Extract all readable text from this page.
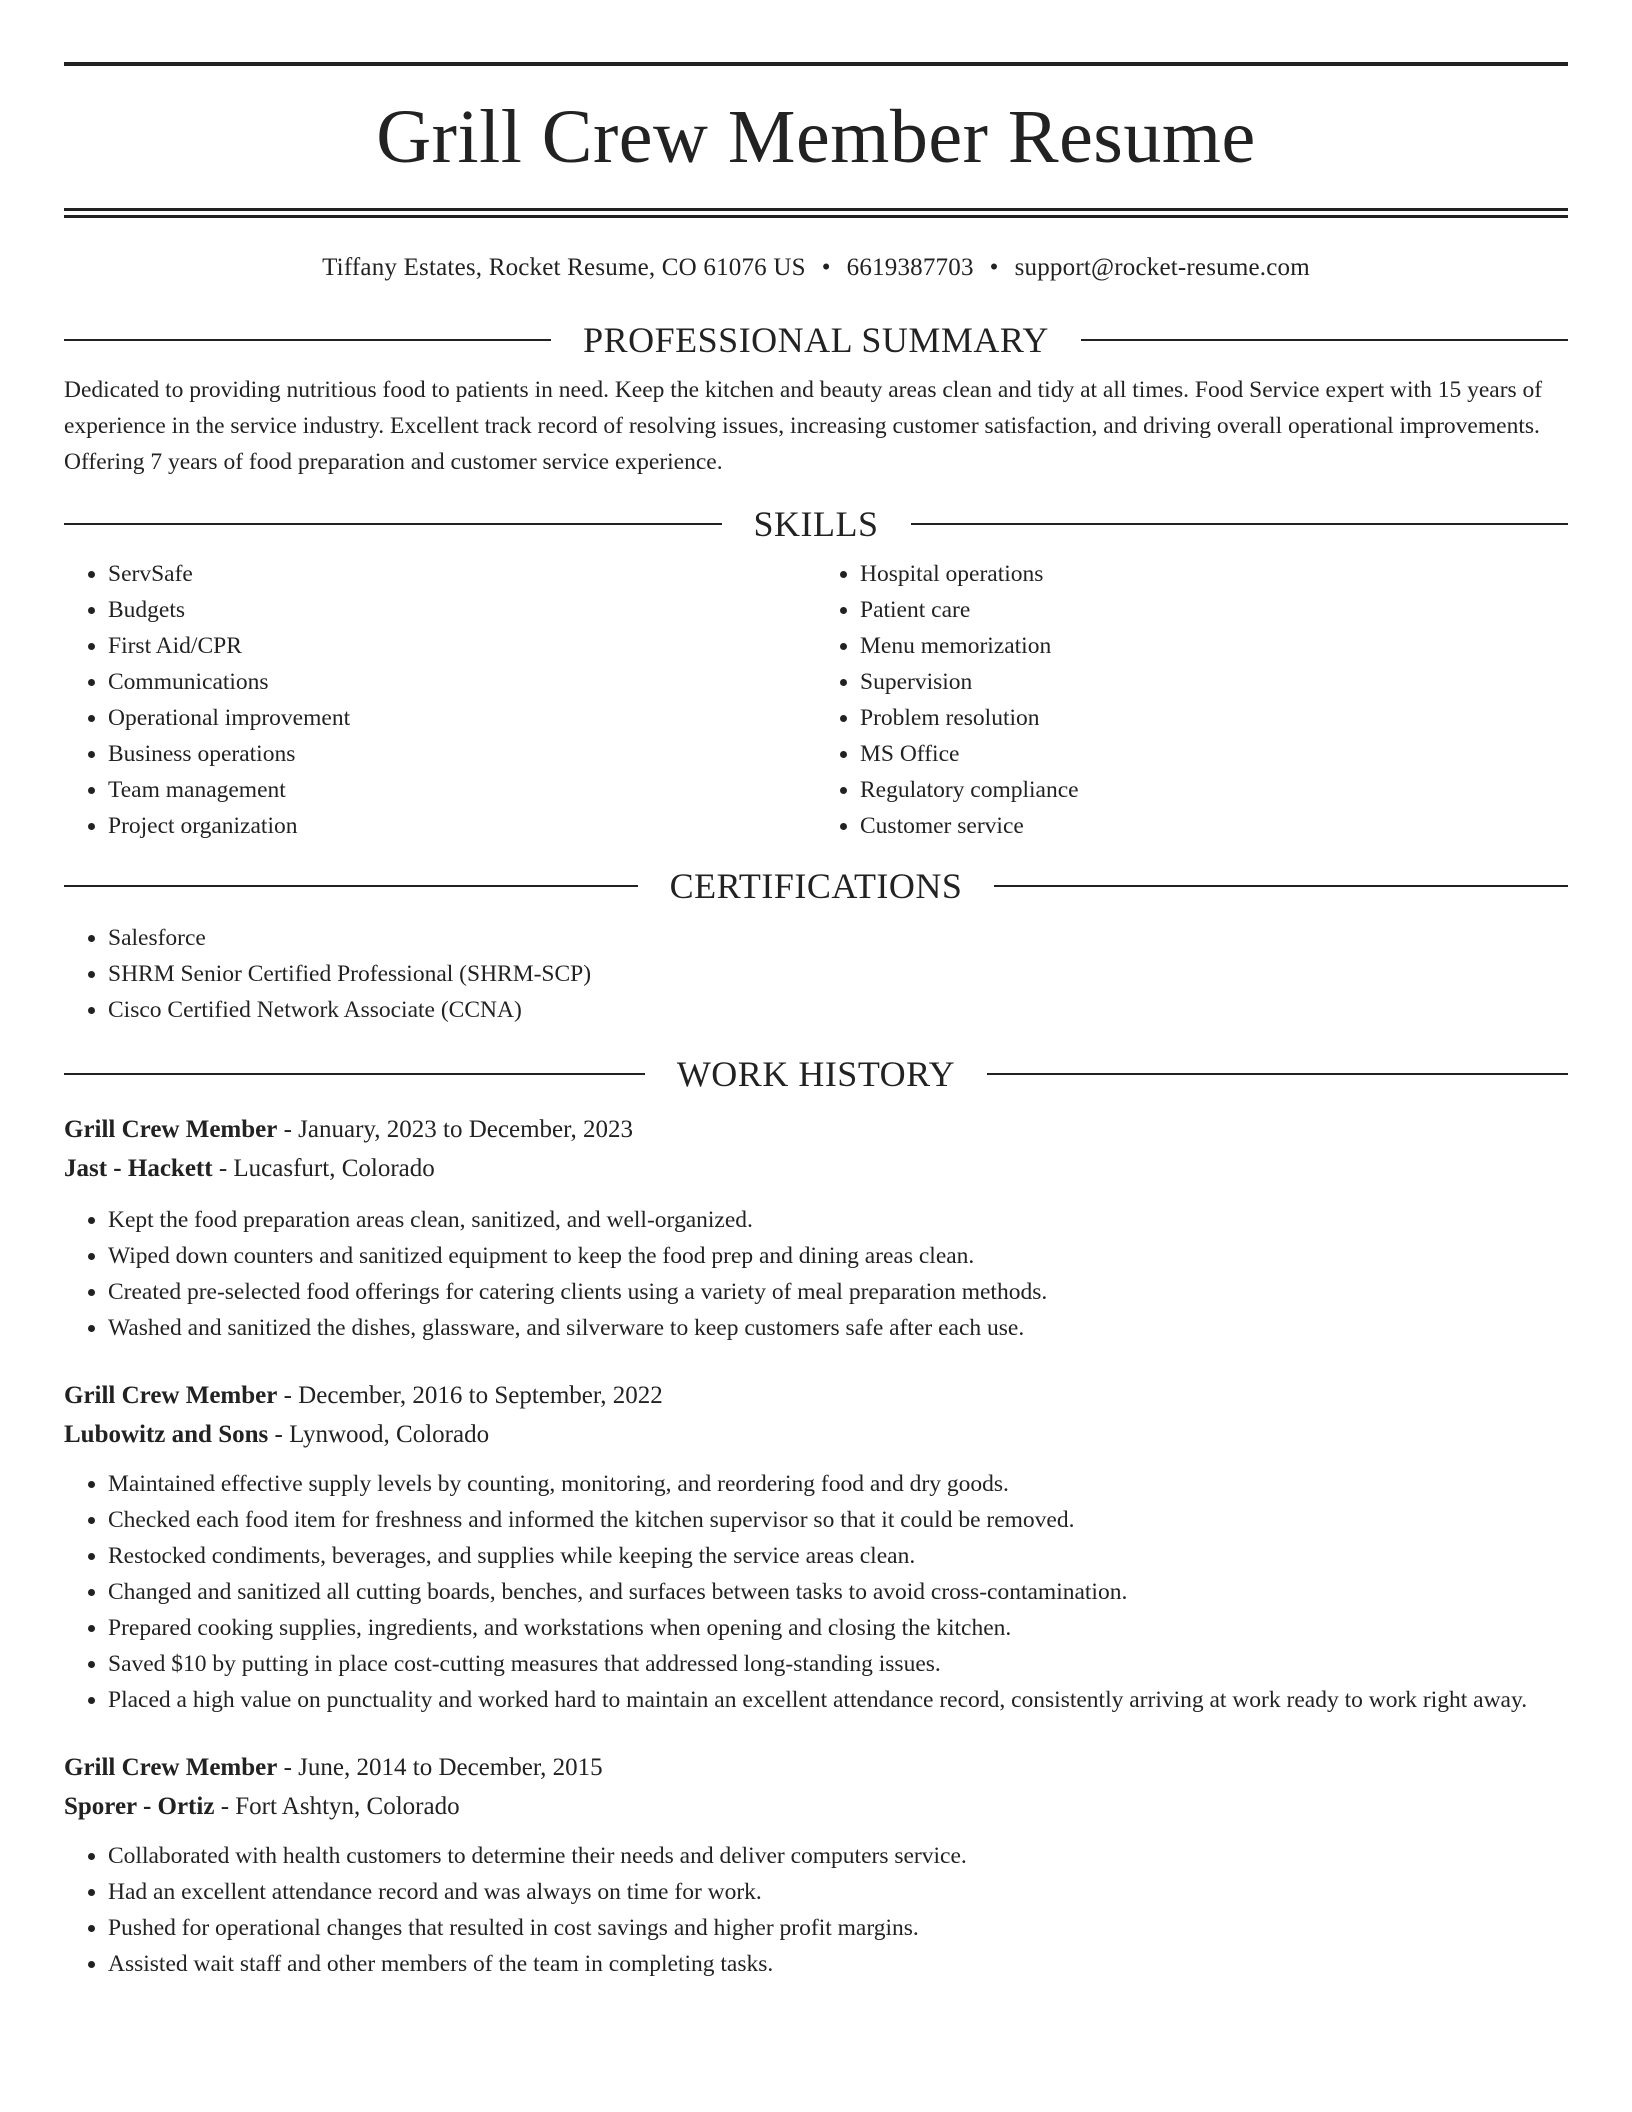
Grill Crew Member Resume
Tiffany Estates, Rocket Resume, CO 61076 US • 6619387703 • support@rocket-resume.com
PROFESSIONAL SUMMARY
Dedicated to providing nutritious food to patients in need. Keep the kitchen and beauty areas clean and tidy at all times. Food Service expert with 15 years of experience in the service industry. Excellent track record of resolving issues, increasing customer satisfaction, and driving overall operational improvements. Offering 7 years of food preparation and customer service experience.
SKILLS
• ServSafe
• Budgets
• First Aid/CPR
• Communications
• Operational improvement
• Business operations
• Team management
• Project organization
• Hospital operations
• Patient care
• Menu memorization
• Supervision
• Problem resolution
• MS Office
• Regulatory compliance
• Customer service
CERTIFICATIONS
• Salesforce
• SHRM Senior Certified Professional (SHRM-SCP)
• Cisco Certified Network Associate (CCNA)
WORK HISTORY
Grill Crew Member - January, 2023 to December, 2023
Jast - Hackett - Lucasfurt, Colorado
• Kept the food preparation areas clean, sanitized, and well-organized.
• Wiped down counters and sanitized equipment to keep the food prep and dining areas clean.
• Created pre-selected food offerings for catering clients using a variety of meal preparation methods.
• Washed and sanitized the dishes, glassware, and silverware to keep customers safe after each use.
Grill Crew Member - December, 2016 to September, 2022
Lubowitz and Sons - Lynwood, Colorado
• Maintained effective supply levels by counting, monitoring, and reordering food and dry goods.
• Checked each food item for freshness and informed the kitchen supervisor so that it could be removed.
• Restocked condiments, beverages, and supplies while keeping the service areas clean.
• Changed and sanitized all cutting boards, benches, and surfaces between tasks to avoid cross-contamination.
• Prepared cooking supplies, ingredients, and workstations when opening and closing the kitchen.
• Saved $10 by putting in place cost-cutting measures that addressed long-standing issues.
• Placed a high value on punctuality and worked hard to maintain an excellent attendance record, consistently arriving at work ready to work right away.
Grill Crew Member - June, 2014 to December, 2015
Sporer - Ortiz - Fort Ashtyn, Colorado
• Collaborated with health customers to determine their needs and deliver computers service.
• Had an excellent attendance record and was always on time for work.
• Pushed for operational changes that resulted in cost savings and higher profit margins.
• Assisted wait staff and other members of the team in completing tasks.
